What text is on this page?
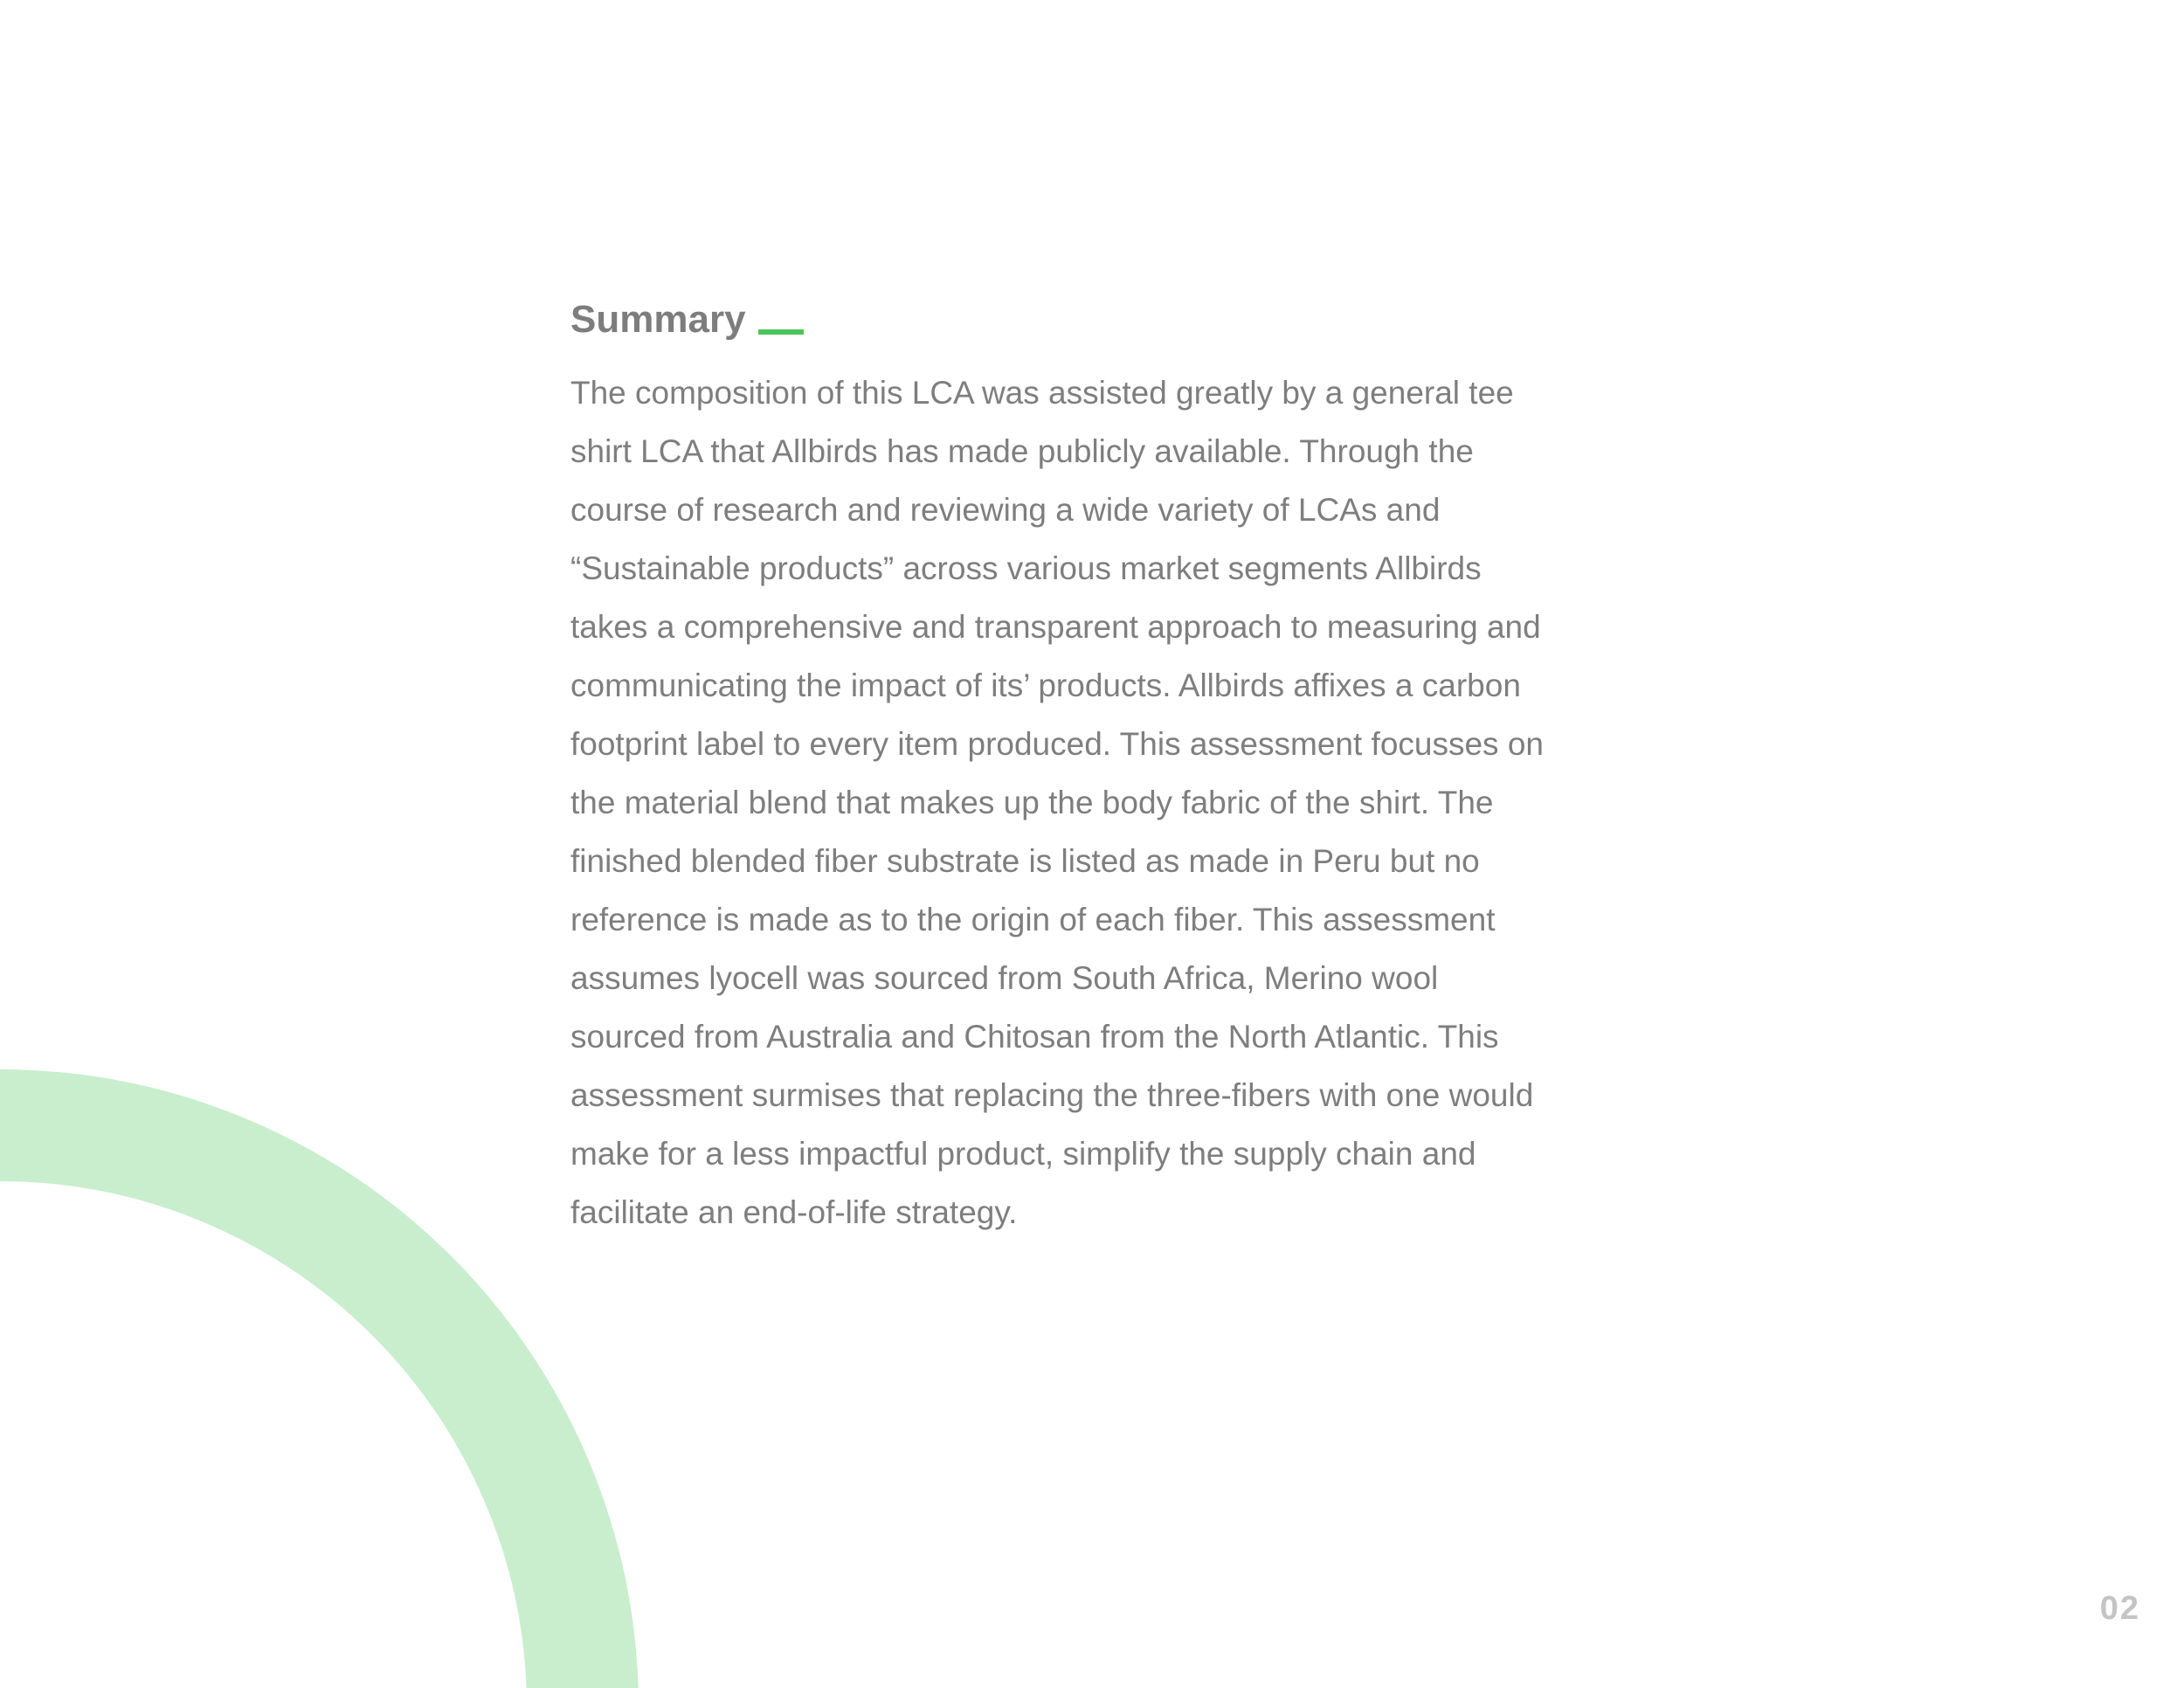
Summary

The composition of this LCA was assisted greatly by a general tee
shirt LCA that Allbirds has made publicly available. Through the
course of research and reviewing a wide variety of LCAs and
“Sustainable products” across various market segments Allbirds
takes a comprehensive and transparent approach to measuring and
communicating the impact of its’ products. Allbirds affixes a carbon
footprint label to every item produced. This assessment focusses on
the material blend that makes up the body fabric of the shirt. The
finished blended fiber substrate is listed as made in Peru but no
reference is made as to the origin of each fiber. This assessment
assumes lyocell was sourced from South Africa, Merino wool
sourced from Australia and Chitosan from the North Atlantic. This
assessment surmises that replacing the three-fibers with one would
make for a less impactful product, simplify the supply chain and
facilitate an end-of-life strategy.

02
